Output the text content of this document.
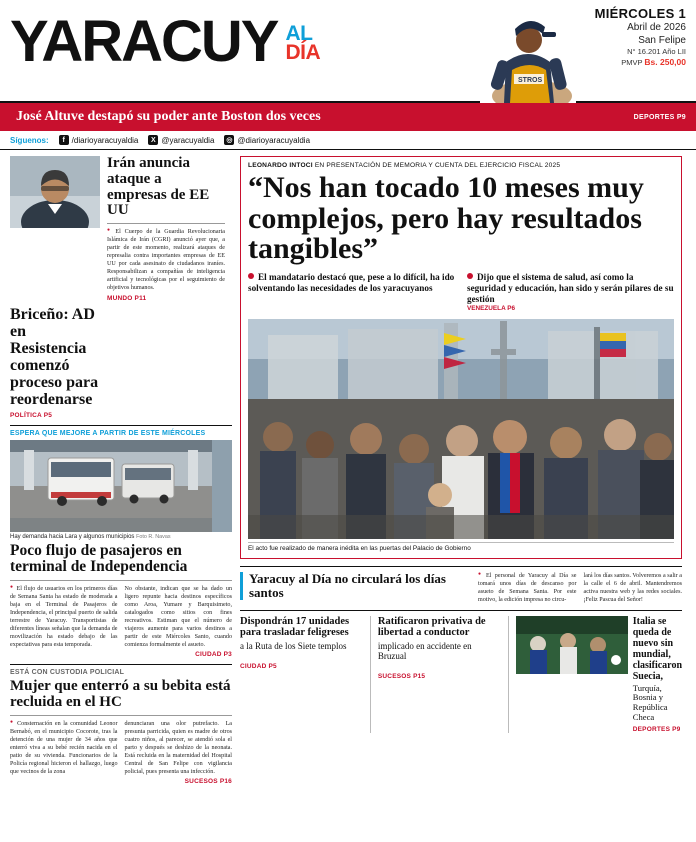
YARACUY AL
DÍA
STROS
MIÉRCOLES 1
Abril de 2026
San Felipe
N° 16.201 Año LII
PMVP Bs. 250,00
José Altuve destapó su poder ante Boston dos veces	DEPORTES P9
Síguenos:	f /diarioyaracuyaldia	X @yaracuyaldia ◎ @diarioyaracuyaldia
Irán anuncia ataque a empresas de EE UU
● El Cuerpo de la Guardia Revolucionaria Islámica de Irán (CGRI) anunció ayer que, a partir de este momento, realizará ataques de represalia contra importantes empresas de EE UU por cada asesinato de ciudadanos iraníes. Responsabilizan a compañías de inteligencia artificial y tecnológicas por el seguimiento de objetivos humanos.
MUNDO P11
Briceño: AD en Resistencia comenzó proceso para reordenarse
POLÍTICA P5
ESPERA QUE MEJORE A PARTIR DE ESTE MIÉRCOLES
Hay demanda hacia Lara y algunos municipios Foto R. Navas
Poco flujo de pasajeros en terminal de Independencia
● El flujo de usuarios en los primeros días de Semana Santa ha estado de moderada a baja en el Terminal de Pasajeros de Independencia, el principal puerto de salida terrestre de Yaracuy. Transportistas de diferentes líneas señalan que la demanda de movilización ha estado debajo de las expectativas para esta temporada.
No obstante, indican que se ha dado un ligero repunte hacia destinos específicos como Aroa, Yumare y Barquisimeto, catalogados como sitios con fines recreativos. Estiman que el número de viajeros aumente para varios destinos a partir de este Miércoles Santo, cuando comienza formalmente el asueto.
CIUDAD P3
ESTÁ CON CUSTODIA POLICIAL
Mujer que enterró a su bebita está recluida en el HC
● Consternación en la comunidad Leonor Bernabó, en el municipio Cocorote, tras la detención de una mujer de 34 años que enterró viva a su bebé recién nacida en el patio de su vivienda. Funcionarios de la Policía regional hicieron el hallazgo, luego que vecinos de la zona
denunciaran una olor putrefacto. La presunta parricida, quien es madre de otros cuatro niños, al parecer, se atendió sola el parto y después se deshizo de la neonata. Está recluida en la maternidad del Hospital Central de San Felipe con vigilancia policial, pues presenta una infección.
SUCESOS P16
LEONARDO INTOCI EN PRESENTACIÓN DE MEMORIA Y CUENTA DEL EJERCICIO FISCAL 2025
“Nos han tocado 10 meses muy complejos, pero hay resultados tangibles”
El mandatario destacó que, pese a lo difícil, ha ido solventando las necesidades de los yaracuyanos
Dijo que el sistema de salud, así como la seguridad y educación, han sido y serán pilares de su gestión
VENEZUELA P6
El acto fue realizado de manera inédita en las puertas del Palacio de Gobierno
Yaracuy al Día no circulará los días santos
● El personal de Yaracuy al Día se tomará unos días de descanso por asueto de Semana Santa. Por este motivo, la edición impresa no circu-
lará los días santos. Volveremos a salir a la calle el 6 de abril. Mantendremos activa nuestra web y las redes sociales. ¡Feliz Pascua del Señor!
Dispondrán 17 unidades para trasladar feligreses
a la Ruta de los Siete templos
CIUDAD P5
Ratificaron privativa de libertad a conductor
implicado en accidente en Bruzual
SUCESOS P15
Italia se queda de nuevo sin mundial, clasificaron Suecia,
Turquía, Bosnia y República Checa
DEPORTES P9
